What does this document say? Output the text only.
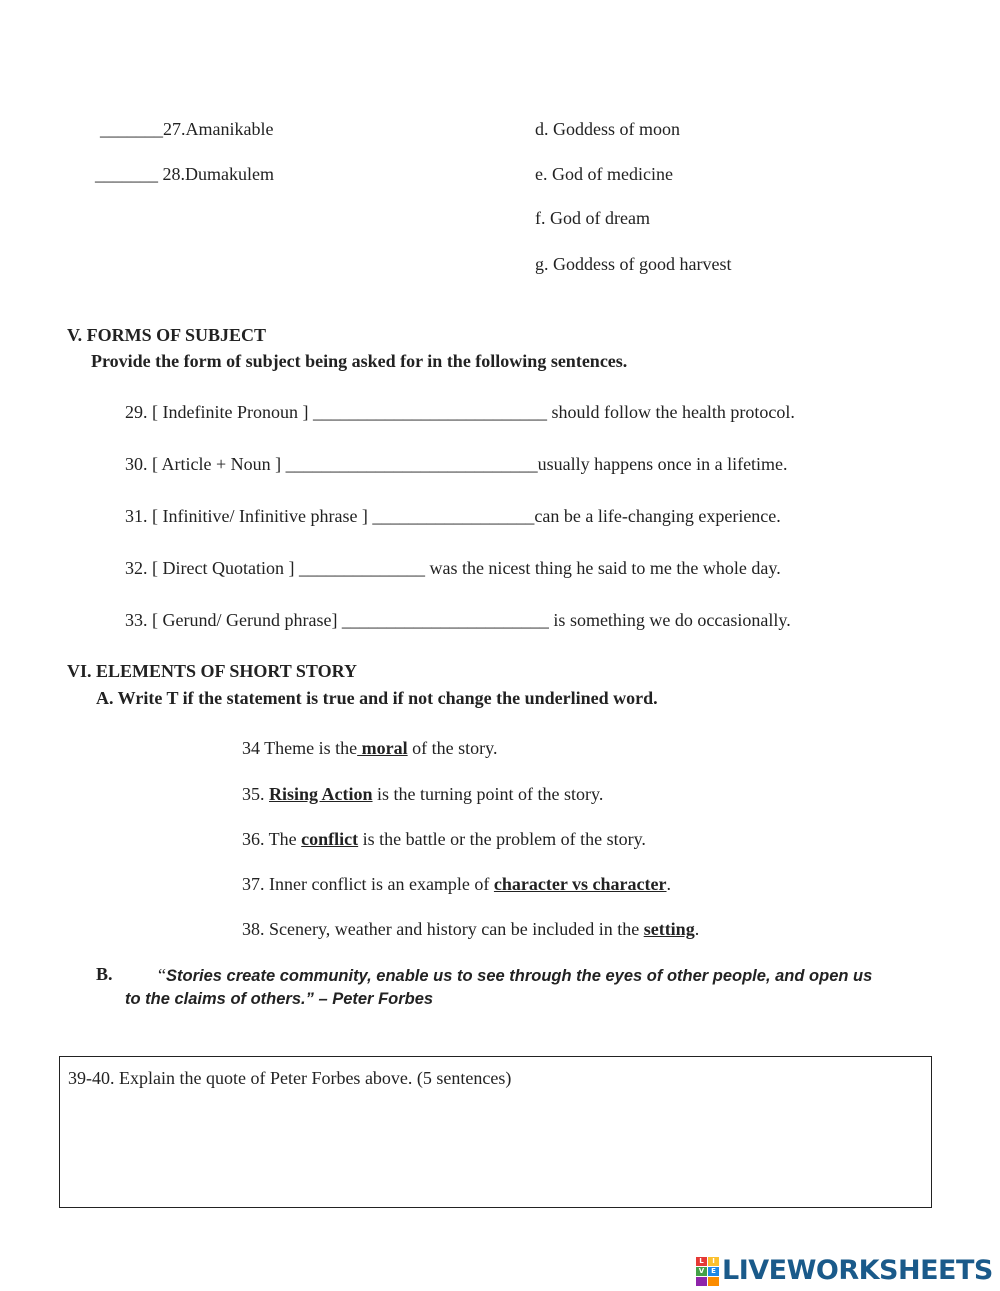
_______27.Amanikable
_______ 28.Dumakulem
d. Goddess of moon
e. God of medicine
f. God of dream
g. Goddess of good harvest
V. FORMS OF SUBJECT
Provide the form of subject being asked for in the following sentences.
29. [ Indefinite Pronoun ] __________________________ should follow the health protocol.
30. [ Article + Noun ] ____________________________usually happens once in a lifetime.
31. [ Infinitive/ Infinitive phrase ] __________________can be a life-changing experience.
32. [ Direct Quotation ] ______________ was the nicest thing he said to me the whole day.
33. [ Gerund/ Gerund phrase] _______________________ is something we do occasionally.
VI. ELEMENTS OF SHORT STORY
A. Write T if the statement is true and if not change the underlined word.
34 Theme is the moral of the story.
35. Rising Action is the turning point of the story.
36. The conflict is the battle or the problem of the story.
37. Inner conflict is an example of character vs character.
38. Scenery, weather and history can be included in the setting.
B.	“Stories create community, enable us to see through the eyes of other people, and open us
to the claims of others.” – Peter Forbes
39-40. Explain the quote of Peter Forbes above. (5 sentences)
L	I
V E LIVEWORKSHEETS
